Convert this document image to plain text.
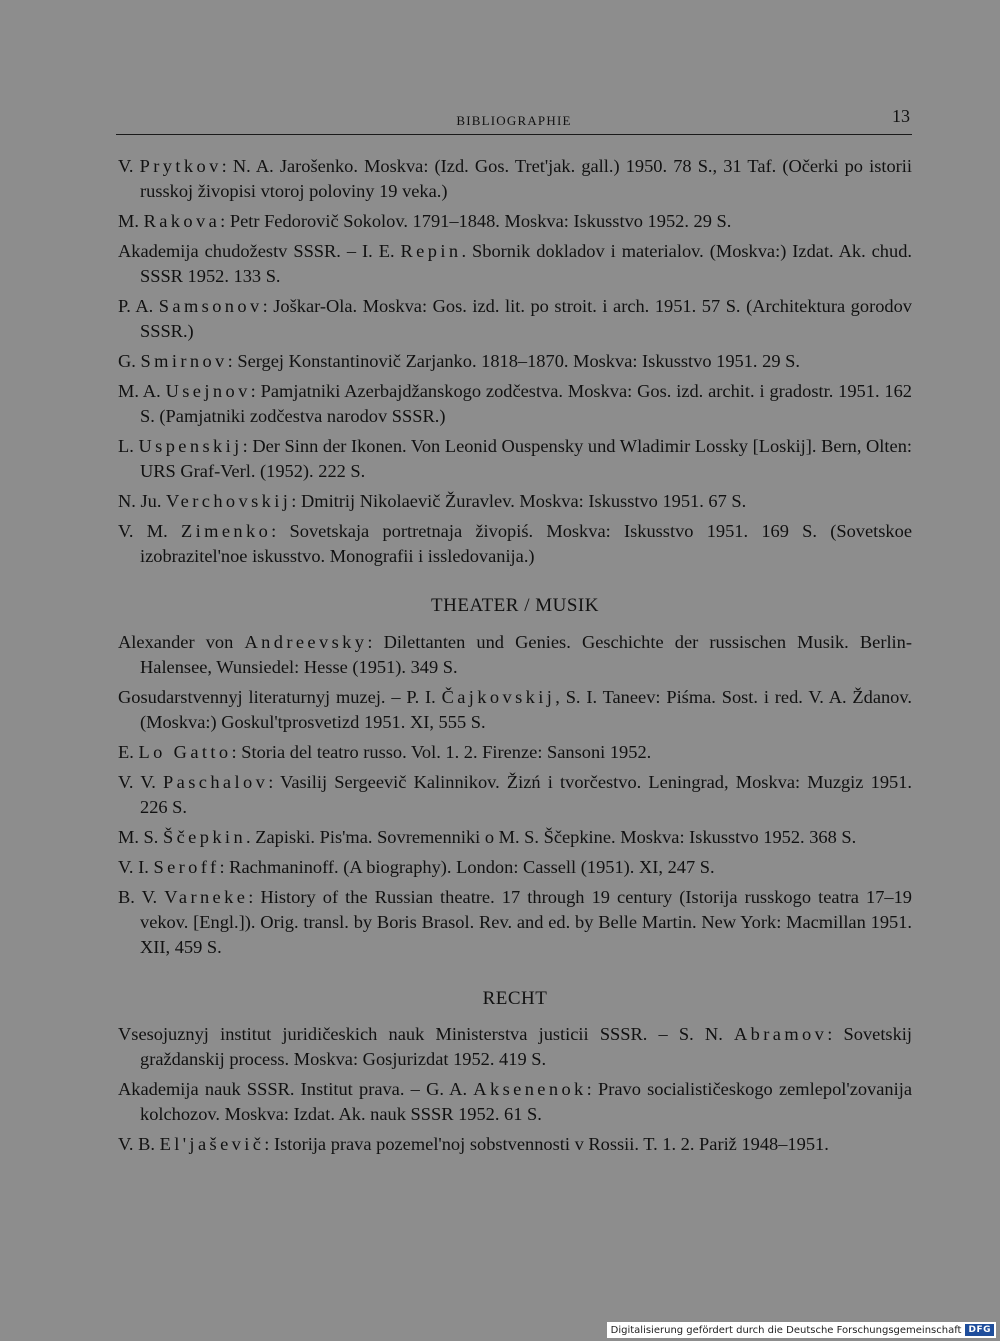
BIBLIOGRAPHIE	13

V. Prytkov: N. A. Jarošenko. Moskva: (Izd. Gos. Tret'jak. gall.) 1950. 78 S., 31 Taf. (Očerki po istorii russkoj živopisi vtoroj poloviny 19 veka.)

M. Rakova: Petr Fedorovič Sokolov. 1791–1848. Moskva: Iskusstvo 1952. 29 S.

Akademija chudožestv SSSR. – I. E. Repin. Sbornik dokladov i materialov. (Moskva:) Izdat. Ak. chud. SSSR 1952. 133 S.

P. A. Samsonov: Joškar-Ola. Moskva: Gos. izd. lit. po stroit. i arch. 1951. 57 S. (Architektura gorodov SSSR.)

G. Smirnov: Sergej Konstantinovič Zarjanko. 1818–1870. Moskva: Iskusstvo 1951. 29 S.

M. A. Usejnov: Pamjatniki Azerbajdžanskogo zodčestva. Moskva: Gos. izd. archit. i gradostr. 1951. 162 S. (Pamjatniki zodčestva narodov SSSR.)

L. Uspenskij: Der Sinn der Ikonen. Von Leonid Ouspensky und Wladimir Lossky [Loskij]. Bern, Olten: URS Graf-Verl. (1952). 222 S.

N. Ju. Verchovskij: Dmitrij Nikolaevič Žuravlev. Moskva: Iskusstvo 1951. 67 S.

V. M. Zimenko: Sovetskaja portretnaja živopiś. Moskva: Iskusstvo 1951. 169 S. (Sovetskoe izobrazitel'noe iskusstvo. Monografii i issledovanija.)

THEATER / MUSIK

Alexander von Andreevsky: Dilettanten und Genies. Geschichte der russischen Musik. Berlin-Halensee, Wunsiedel: Hesse (1951). 349 S.

Gosudarstvennyj literaturnyj muzej. – P. I. Čajkovskij, S. I. Taneev: Piśma. Sost. i red. V. A. Ždanov. (Moskva:) Goskul'tprosvetizd 1951. XI, 555 S.

E. Lo Gatto: Storia del teatro russo. Vol. 1. 2. Firenze: Sansoni 1952.

V. V. Paschalov: Vasilij Sergeevič Kalinnikov. Žizń i tvorčestvo. Leningrad, Moskva: Muzgiz 1951. 226 S.

M. S. Ščepkin. Zapiski. Pis'ma. Sovremenniki o M. S. Ščepkine. Moskva: Iskusstvo 1952. 368 S.

V. I. Seroff: Rachmaninoff. (A biography). London: Cassell (1951). XI, 247 S.

B. V. Varneke: History of the Russian theatre. 17 through 19 century (Istorija russkogo teatra 17–19 vekov. [Engl.]). Orig. transl. by Boris Brasol. Rev. and ed. by Belle Martin. New York: Macmillan 1951. XII, 459 S.

RECHT

Vsesojuznyj institut juridičeskich nauk Ministerstva justicii SSSR. – S. N. Abramov: Sovetskij graždanskij process. Moskva: Gosjurizdat 1952. 419 S.

Akademija nauk SSSR. Institut prava. – G. A. Aksenenok: Pravo socialističeskogo zemlepol'zovanija kolchozov. Moskva: Izdat. Ak. nauk SSSR 1952. 61 S.

V. B. El'jaševič: Istorija prava pozemel'noj sobstvennosti v Rossii. T. 1. 2. Pariž 1948–1951.

Digitalisierung gefördert durch die Deutsche Forschungsgemeinschaft DFG
